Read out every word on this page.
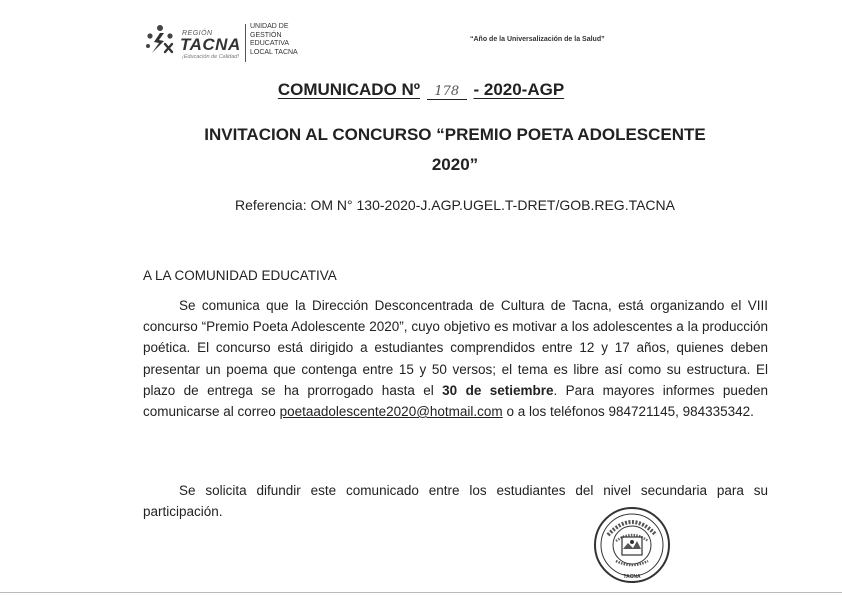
REGIÓN
TACNA
¡Educación de Calidad!
UNIDAD DE
GESTIÓN
EDUCATIVA
LOCAL TACNA
“Año de la Universalización de la Salud”
COMUNICADO Nº 178 - 2020-AGP
INVITACION AL CONCURSO “PREMIO POETA ADOLESCENTE
2020”
Referencia: OM N° 130-2020-J.AGP.UGEL.T-DRET/GOB.REG.TACNA
A LA COMUNIDAD EDUCATIVA

Se comunica que la Dirección Desconcentrada de Cultura de Tacna, está organizando el VIII concurso “Premio Poeta Adolescente 2020”, cuyo objetivo es motivar a los adolescentes a la producción poética. El concurso está dirigido a estudiantes comprendidos entre 12 y 17 años, quienes deben presentar un poema que contenga entre 15 y 50 versos; el tema es libre así como su estructura. El plazo de entrega se ha prorrogado hasta el 30 de setiembre. Para mayores informes pueden comunicarse al correo poetaadolescente2020@hotmail.com o a los teléfonos 984721145, 984335342.

Se solicita difundir este comunicado entre los estudiantes del nivel secundaria para su participación.

TACNA
